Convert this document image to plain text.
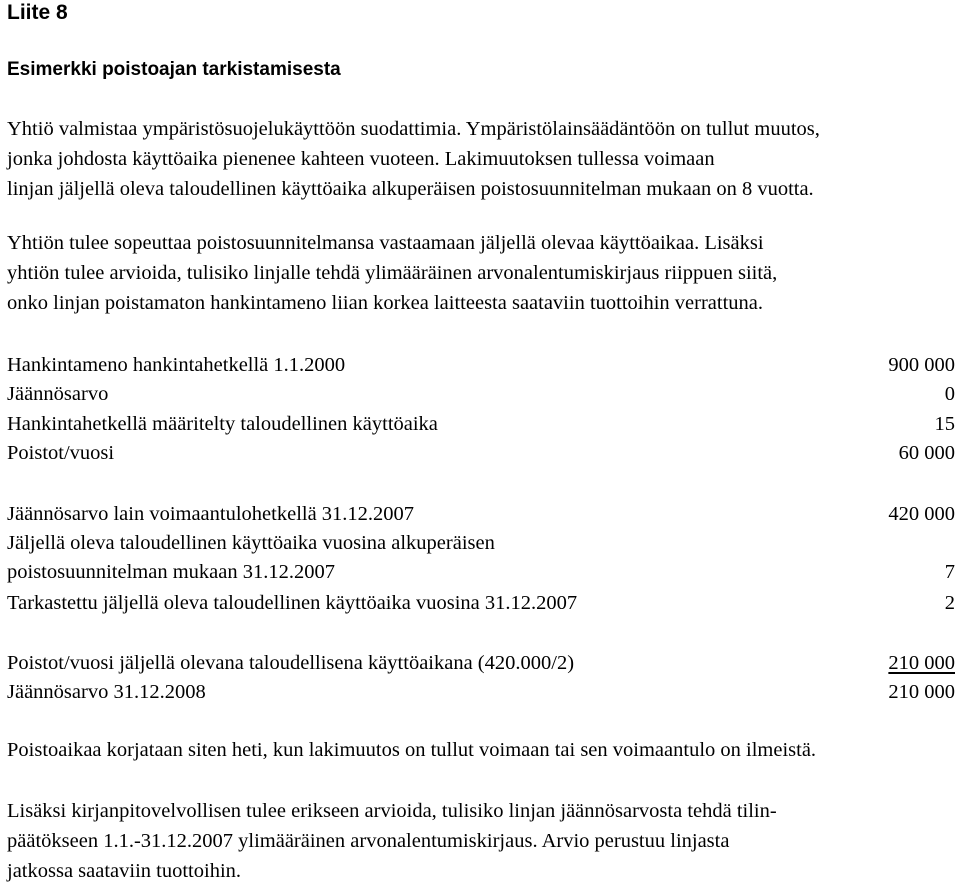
Liite 8
Esimerkki poistoajan tarkistamisesta

Yhtiö valmistaa ympäristösuojelukäyttöön suodattimia. Ympäristölainsäädäntöön on tullut muutos,
jonka johdosta käyttöaika pienenee kahteen vuoteen. Lakimuutoksen tullessa voimaan
linjan jäljellä oleva taloudellinen käyttöaika alkuperäisen poistosuunnitelman mukaan on 8 vuotta.

Yhtiön tulee sopeuttaa poistosuunnitelmansa vastaamaan jäljellä olevaa käyttöaikaa. Lisäksi
yhtiön tulee arvioida, tulisiko linjalle tehdä ylimääräinen arvonalentumiskirjaus riippuen siitä,
onko linjan poistamaton hankintameno liian korkea laitteesta saataviin tuottoihin verrattuna.

Hankintameno hankintahetkellä 1.1.2000	900 000
Jäännösarvo	0
Hankintahetkellä määritelty taloudellinen käyttöaika	15
Poistot/vuosi	60 000
Jäännösarvo lain voimaantulohetkellä 31.12.2007	420 000
Jäljellä oleva taloudellinen käyttöaika vuosina alkuperäisen
poistosuunnitelman mukaan 31.12.2007	7
Tarkastettu jäljellä oleva taloudellinen käyttöaika vuosina 31.12.2007	2
Poistot/vuosi jäljellä olevana taloudellisena käyttöaikana (420.000/2)	210 000
Jäännösarvo 31.12.2008	210 000

Poistoaikaa korjataan siten heti, kun lakimuutos on tullut voimaan tai sen voimaantulo on ilmeistä.

Lisäksi kirjanpitovelvollisen tulee erikseen arvioida, tulisiko linjan jäännösarvosta tehdä tilin-
päätökseen 1.1.-31.12.2007 ylimääräinen arvonalentumiskirjaus. Arvio perustuu linjasta
jatkossa saataviin tuottoihin.
